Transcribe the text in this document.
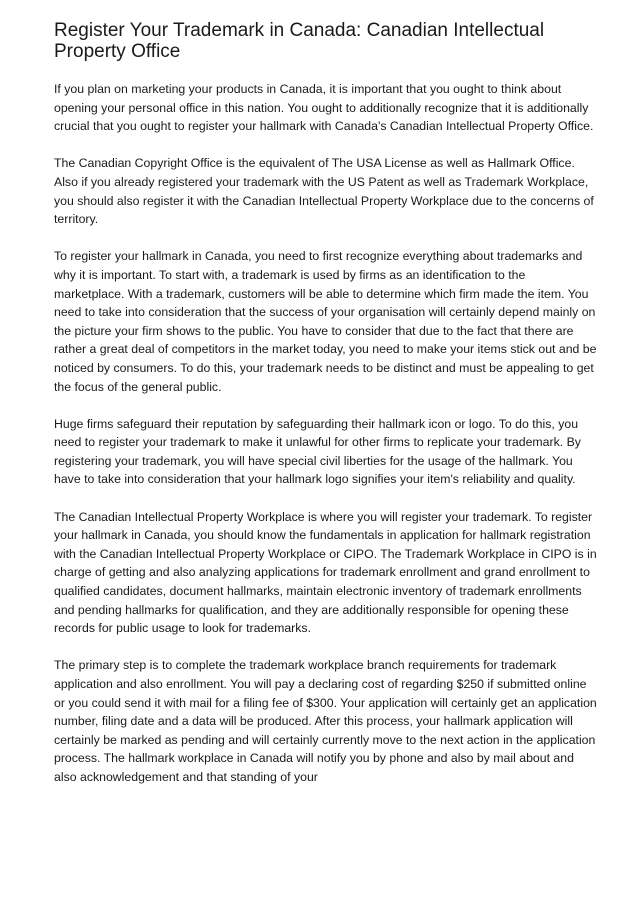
Register Your Trademark in Canada: Canadian Intellectual Property Office

If you plan on marketing your products in Canada, it is important that you ought to think about opening your personal office in this nation. You ought to additionally recognize that it is additionally crucial that you ought to register your hallmark with Canada's Canadian Intellectual Property Office.

The Canadian Copyright Office is the equivalent of The USA License as well as Hallmark Office. Also if you already registered your trademark with the US Patent as well as Trademark Workplace, you should also register it with the Canadian Intellectual Property Workplace due to the concerns of territory.

To register your hallmark in Canada, you need to first recognize everything about trademarks and why it is important. To start with, a trademark is used by firms as an identification to the marketplace. With a trademark, customers will be able to determine which firm made the item. You need to take into consideration that the success of your organisation will certainly depend mainly on the picture your firm shows to the public. You have to consider that due to the fact that there are rather a great deal of competitors in the market today, you need to make your items stick out and be noticed by consumers. To do this, your trademark needs to be distinct and must be appealing to get the focus of the general public.

Huge firms safeguard their reputation by safeguarding their hallmark icon or logo. To do this, you need to register your trademark to make it unlawful for other firms to replicate your trademark. By registering your trademark, you will have special civil liberties for the usage of the hallmark. You have to take into consideration that your hallmark logo signifies your item's reliability and quality.

The Canadian Intellectual Property Workplace is where you will register your trademark. To register your hallmark in Canada, you should know the fundamentals in application for hallmark registration with the Canadian Intellectual Property Workplace or CIPO. The Trademark Workplace in CIPO is in charge of getting and also analyzing applications for trademark enrollment and grand enrollment to qualified candidates, document hallmarks, maintain electronic inventory of trademark enrollments and pending hallmarks for qualification, and they are additionally responsible for opening these records for public usage to look for trademarks.

The primary step is to complete the trademark workplace branch requirements for trademark application and also enrollment. You will pay a declaring cost of regarding $250 if submitted online or you could send it with mail for a filing fee of $300. Your application will certainly get an application number, filing date and a data will be produced. After this process, your hallmark application will certainly be marked as pending and will certainly currently move to the next action in the application process. The hallmark workplace in Canada will notify you by phone and also by mail about and also acknowledgement and that standing of your
